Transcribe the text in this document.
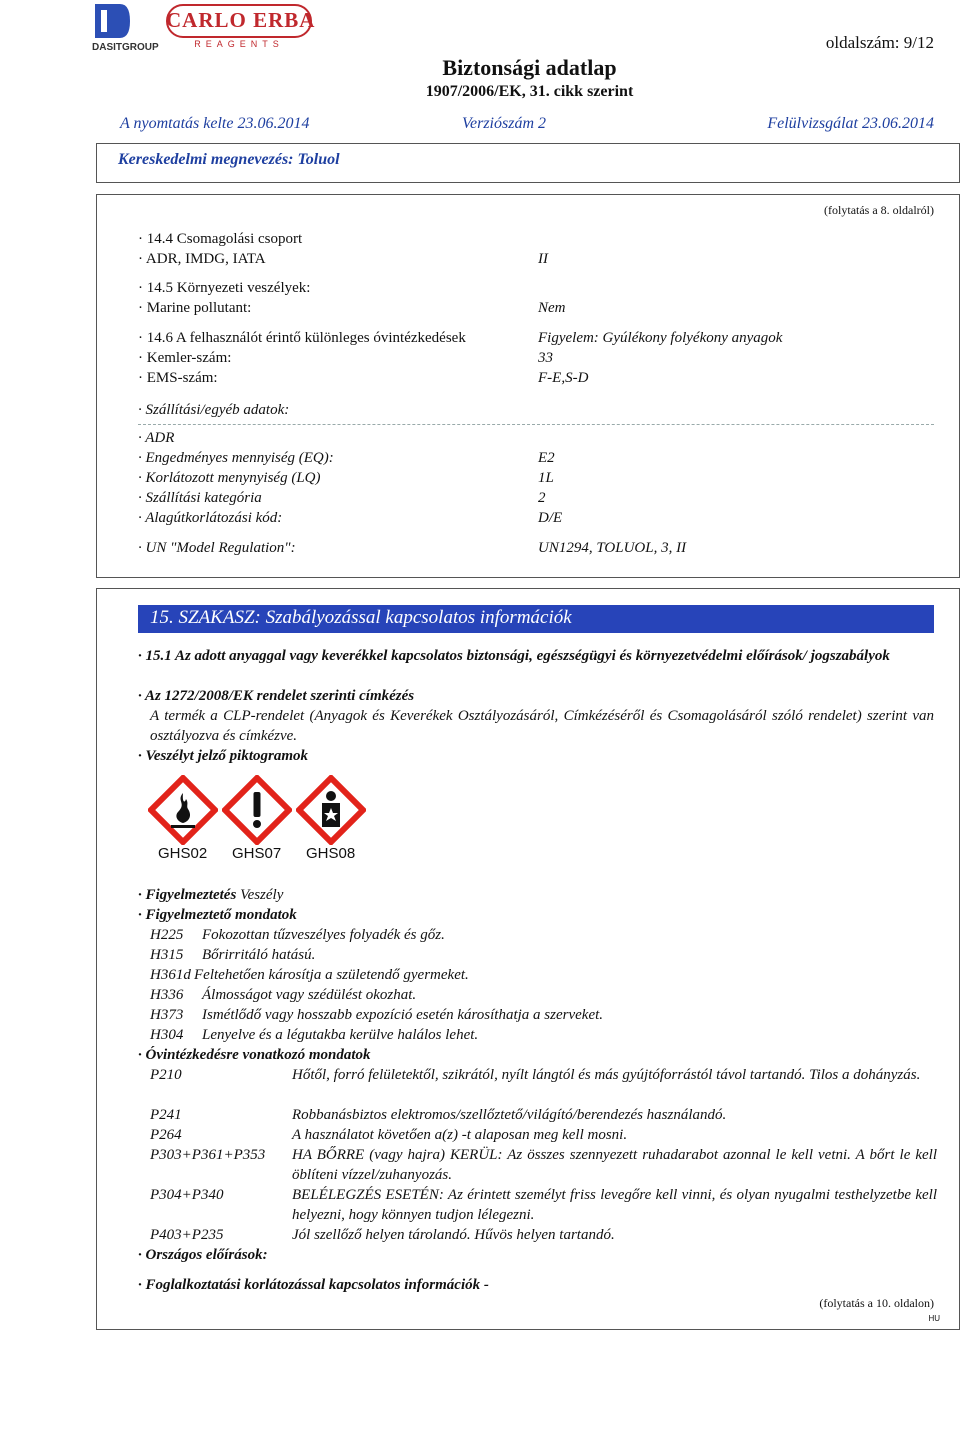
DASITGROUP
CARLO ERBA
REAGENTS	oldalszám: 9/12
Biztonsági adatlap
1907/2006/EK, 31. cikk szerint
A nyomtatás kelte 23.06.2014	Verziószám 2	Felülvizsgálat 23.06.2014
Kereskedelmi megnevezés: Toluol
(folytatás a 8. oldalról)
· 14.4 Csomagolási csoport
· ADR, IMDG, IATA	II
· 14.5 Környezeti veszélyek:
· Marine pollutant:	Nem
· 14.6 A felhasználót érintő különleges óvintézkedések	Figyelem: Gyúlékony folyékony anyagok
· Kemler-szám:	33
· EMS-szám:	F-E,S-D
· Szállítási/egyéb adatok:
· ADR
· Engedményes mennyiség (EQ):	E2
· Korlátozott menynyiség (LQ)	1L
· Szállítási kategória	2
· Alagútkorlátozási kód:	D/E
· UN "Model Regulation":	UN1294, TOLUOL, 3, II
15. SZAKASZ: Szabályozással kapcsolatos információk
· 15.1 Az adott anyaggal vagy keverékkel kapcsolatos biztonsági, egészségügyi és környezetvédelmi előírások/ jogszabályok
· Az 1272/2008/EK rendelet szerinti címkézés
A termék a CLP-rendelet (Anyagok és Keverékek Osztályozásáról, Címkézéséről és Csomagolásáról szóló rendelet) szerint van osztályozva és címkézve.
· Veszélyt jelző piktogramok
GHS02 GHS07 GHS08
· Figyelmeztetés Veszély
· Figyelmeztető mondatok
H225 Fokozottan tűzveszélyes folyadék és gőz.
H315 Bőrirritáló hatású.
H361d Feltehetően károsítja a születendő gyermeket.
H336 Álmosságot vagy szédülést okozhat.
H373 Ismétlődő vagy hosszabb expozíció esetén károsíthatja a szerveket.
H304 Lenyelve és a légutakba kerülve halálos lehet.
· Óvintézkedésre vonatkozó mondatok
P210	Hőtől, forró felületektől, szikrától, nyílt lángtól és más gyújtóforrástól távol tartandó. Tilos a dohányzás.
P241	Robbanásbiztos elektromos/szellőztető/világító/berendezés használandó.
P264	A használatot követően a(z) -t alaposan meg kell mosni.
P303+P361+P353 HA BŐRRE (vagy hajra) KERÜL: Az összes szennyezett ruhadarabot azonnal le kell vetni. A bőrt le kell öblíteni vízzel/zuhanyozás.
P304+P340	BELÉLEGZÉS ESETÉN: Az érintett személyt friss levegőre kell vinni, és olyan nyugalmi testhelyzetbe kell helyezni, hogy könnyen tudjon lélegezni.
P403+P235	Jól szellőző helyen tárolandó. Hűvös helyen tartandó.
· Országos előírások:
· Foglalkoztatási korlátozással kapcsolatos információk -
(folytatás a 10. oldalon)
HU
